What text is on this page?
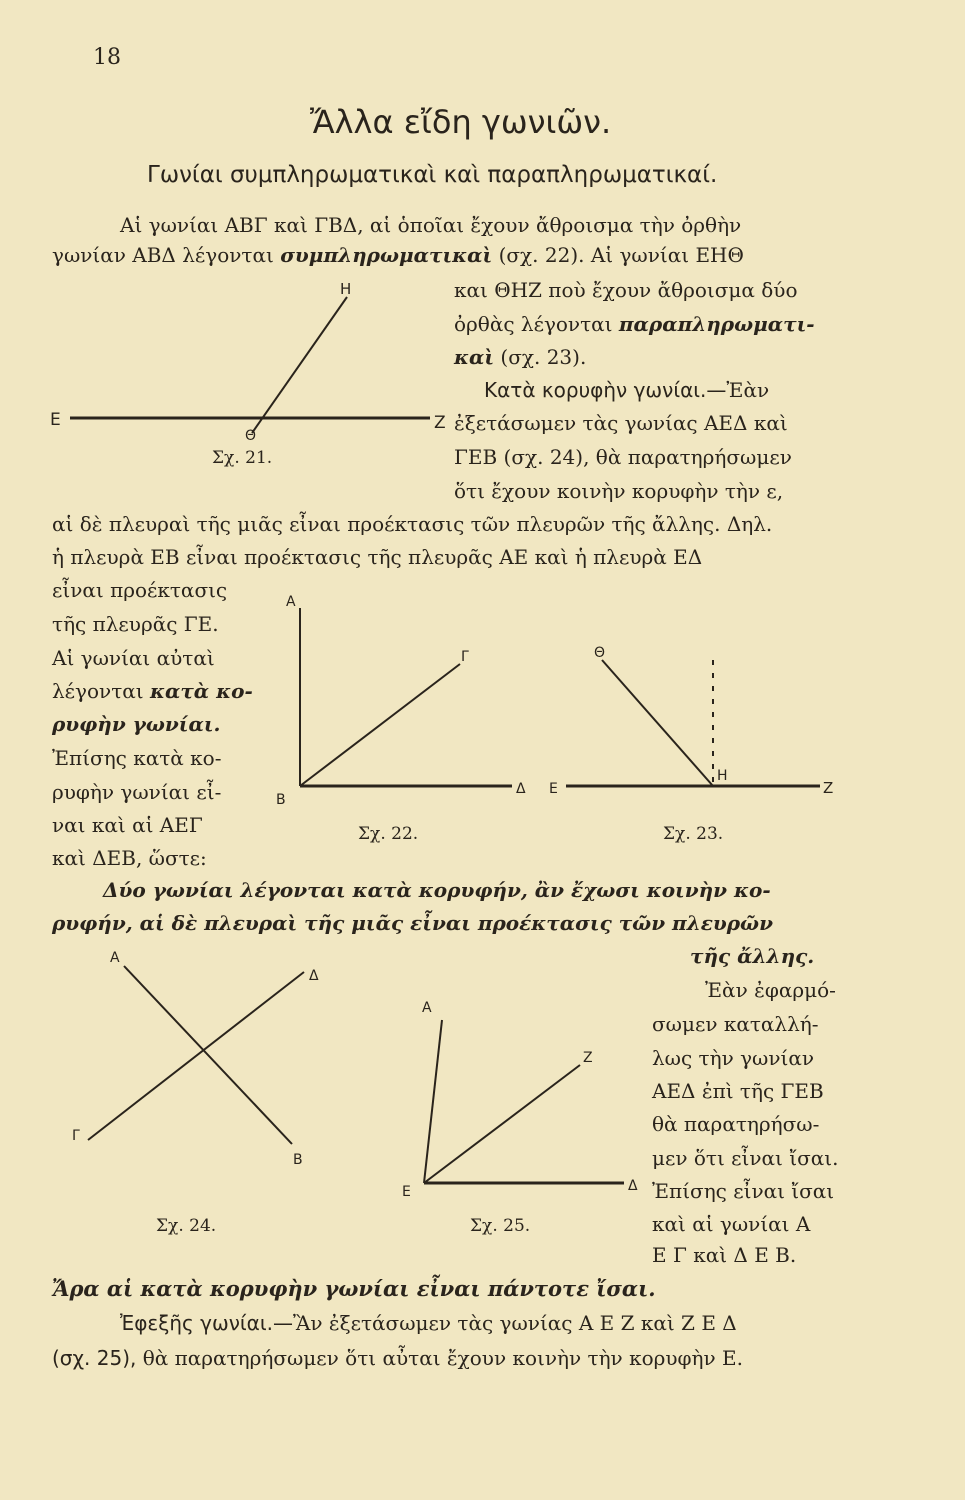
18
Ἄλλα εἴδη γωνιῶν.
Γωνίαι συμπληρωματικαὶ καὶ παραπληρωματικαί.
Αἱ γωνίαι ΑΒΓ καὶ ΓΒΔ, αἱ ὁποῖαι ἔχουν ἄθροισμα τὴν ὀρθὴν
γωνίαν ΑΒΔ λέγονται συμπληρωματικαὶ (σχ. 22). Αἱ γωνίαι ΕΗΘ
και ΘΗΖ ποὺ ἔχουν ἄθροισμα δύο
ὀρθὰς λέγονται παραπληρωματι-
καὶ (σχ. 23).
Κατὰ κορυφὴν γωνίαι.—Ἐὰν
ἐξετάσωμεν τὰς γωνίας ΑΕΔ καὶ
ΓΕΒ (σχ. 24), θὰ παρατηρήσωμεν
ὅτι ἔχουν κοινὴν κορυφὴν τὴν ε,
αἱ δὲ πλευραὶ τῆς μιᾶς εἶναι προέκτασις τῶν πλευρῶν τῆς ἄλλης. Δηλ.
ἡ πλευρὰ ΕΒ εἶναι προέκτασις τῆς πλευρᾶς ΑΕ καὶ ἡ πλευρὰ ΕΔ
εἶναι προέκτασις
τῆς πλευρᾶς ΓΕ.
Αἱ γωνίαι αὐταὶ
λέγονται κατὰ κο-
ρυφὴν γωνίαι.
Ἐπίσης κατὰ κο-
ρυφὴν γωνίαι εἶ-
ναι καὶ αἱ ΑΕΓ
καὶ ΔΕΒ, ὥστε:
Δύο γωνίαι λέγονται κατὰ κορυφήν, ἂν ἔχωσι κοινὴν κο-
ρυφήν, αἱ δὲ πλευραὶ τῆς μιᾶς εἶναι προέκτασις τῶν πλευρῶν
τῆς ἄλλης.
Ἐὰν ἐφαρμό-
σωμεν καταλλή-
λως τὴν γωνίαν
ΑΕΔ ἐπὶ τῆς ΓΕΒ
θὰ παρατηρήσω-
μεν ὅτι εἶναι ἴσαι.
Ἐπίσης εἶναι ἴσαι
καὶ αἱ γωνίαι Α
Ε Γ καὶ Δ Ε Β.
Ἄρα αἱ κατὰ κορυφὴν γωνίαι εἶναι πάντοτε ἴσαι.
Ἐφεξῆς γωνίαι.—Ἂν ἐξετάσωμεν τὰς γωνίας Α Ε Ζ καὶ Ζ Ε Δ
(σχ. 25), θὰ παρατηρήσωμεν ὅτι αὖται ἔχουν κοινὴν τὴν κορυφὴν Ε.
Ε
Η
Ζ
Θ
Σχ. 21.
Α
Β
Γ
Δ
Σχ. 22.
Θ
Ε
Η
Ζ
Σχ. 23.
Α
Δ
Γ
Β
Σχ. 24.
Α
Ζ
Ε	Δ
Σχ. 25.
